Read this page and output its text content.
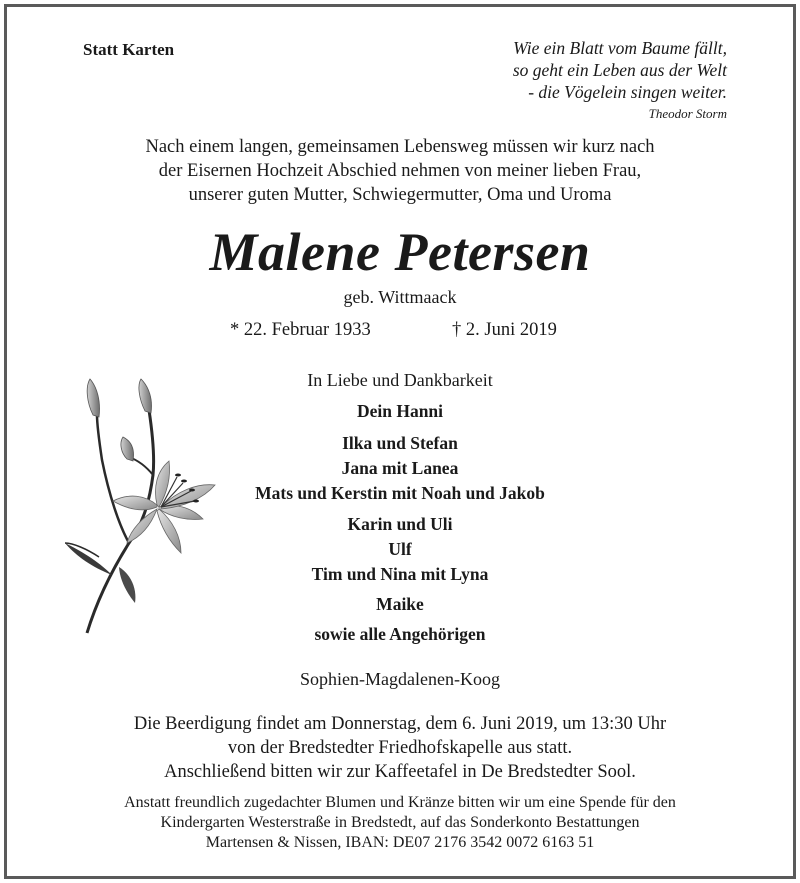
Statt Karten	Wie ein Blatt vom Baume fällt,
so geht ein Leben aus der Welt
- die Vögelein singen weiter.
Theodor Storm
Nach einem langen, gemeinsamen Lebensweg müssen wir kurz nach
der Eisernen Hochzeit Abschied nehmen von meiner lieben Frau,
unserer guten Mutter, Schwiegermutter, Oma und Uroma
Malene Petersen
geb. Wittmaack
* 22. Februar 1933	† 2. Juni 2019
In Liebe und Dankbarkeit
Dein Hanni
Ilka und Stefan
Jana mit Lanea
Mats und Kerstin mit Noah und Jakob
Karin und Uli
Ulf
Tim und Nina mit Lyna
Maike
sowie alle Angehörigen
Sophien-Magdalenen-Koog
Die Beerdigung findet am Donnerstag, dem 6. Juni 2019, um 13:30 Uhr
von der Bredstedter Friedhofskapelle aus statt.
Anschließend bitten wir zur Kaffeetafel in De Bredstedter Sool.
Anstatt freundlich zugedachter Blumen und Kränze bitten wir um eine Spende für den
Kindergarten Westerstraße in Bredstedt, auf das Sonderkonto Bestattungen
Martensen & Nissen, IBAN: DE07 2176 3542 0072 6163 51
